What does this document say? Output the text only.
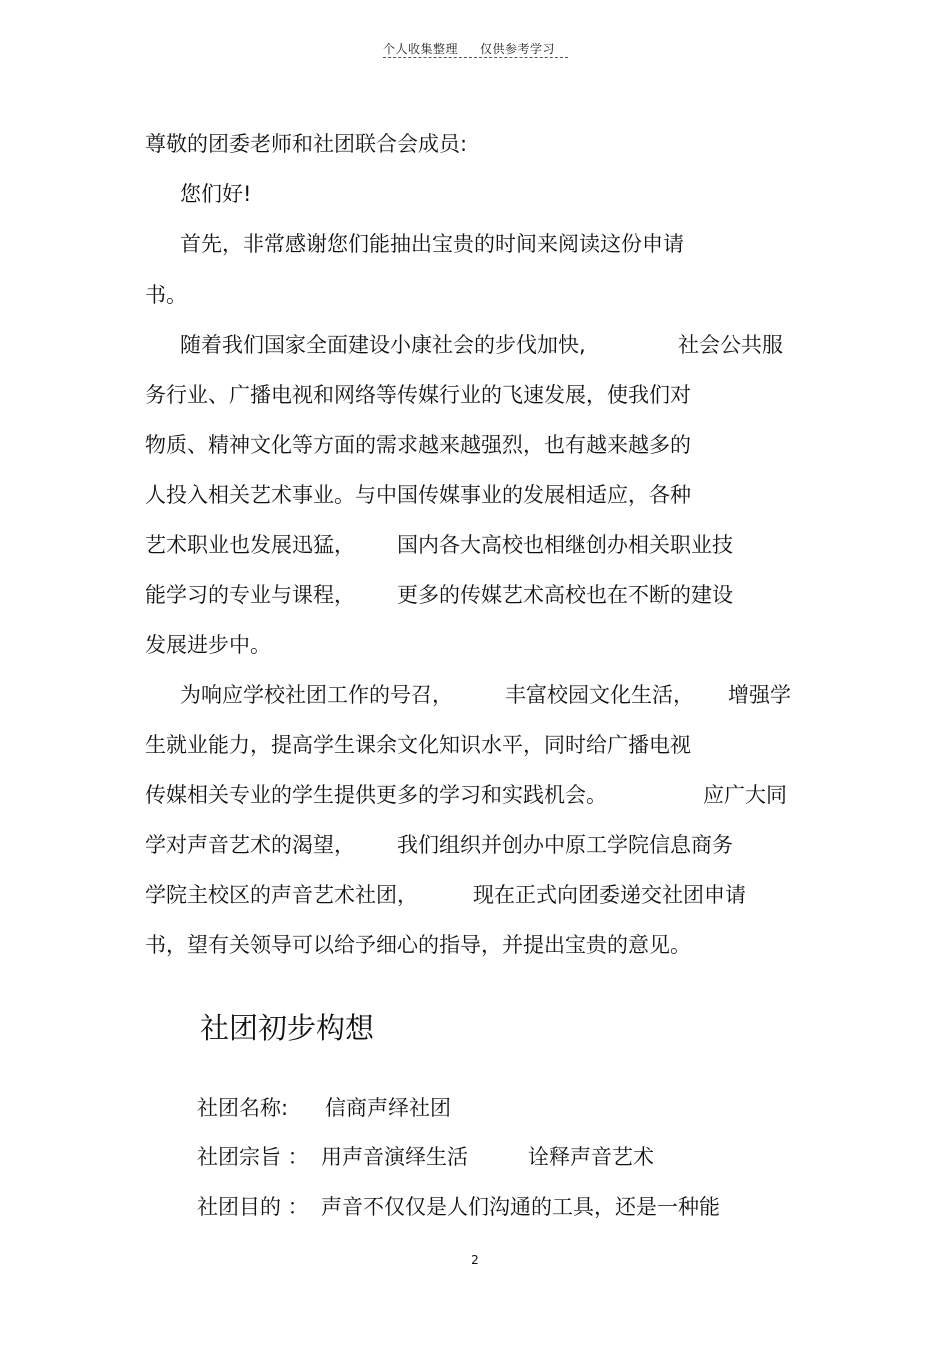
个人收集整理 仅供参考学习
尊敬的团委老师和社团联合会成员:
您们好!
首先，非常感谢您们能抽出宝贵的时间来阅读这份申请
书。
随着我们国家全面建设小康社会的步伐加快,	社会公共服
务行业、广播电视和网络等传媒行业的飞速发展，使我们对
物质、精神文化等方面的需求越来越强烈，也有越来越多的
人投入相关艺术事业。与中国传媒事业的发展相适应，各种
艺术职业也发展迅猛， 国内各大高校也相继创办相关职业技
能学习的专业与课程， 更多的传媒艺术高校也在不断的建设
发展进步中。
为响应学校社团工作的号召， 丰富校园文化生活， 增强学
生就业能力，提高学生课余文化知识水平，同时给广播电视
传媒相关专业的学生提供更多的学习和实践机会。	应广大同
学对声音艺术的渴望， 我们组织并创办中原工学院信息商务
学院主校区的声音艺术社团，	现在正式向团委递交社团申请
书，望有关领导可以给予细心的指导，并提出宝贵的意见。
社团初步构想
社团名称: 信商声绎社团
社团宗旨 ： 用声音演绎生活	诠释声音艺术
社团目的 ： 声音不仅仅是人们沟通的工具，还是一种能
2
